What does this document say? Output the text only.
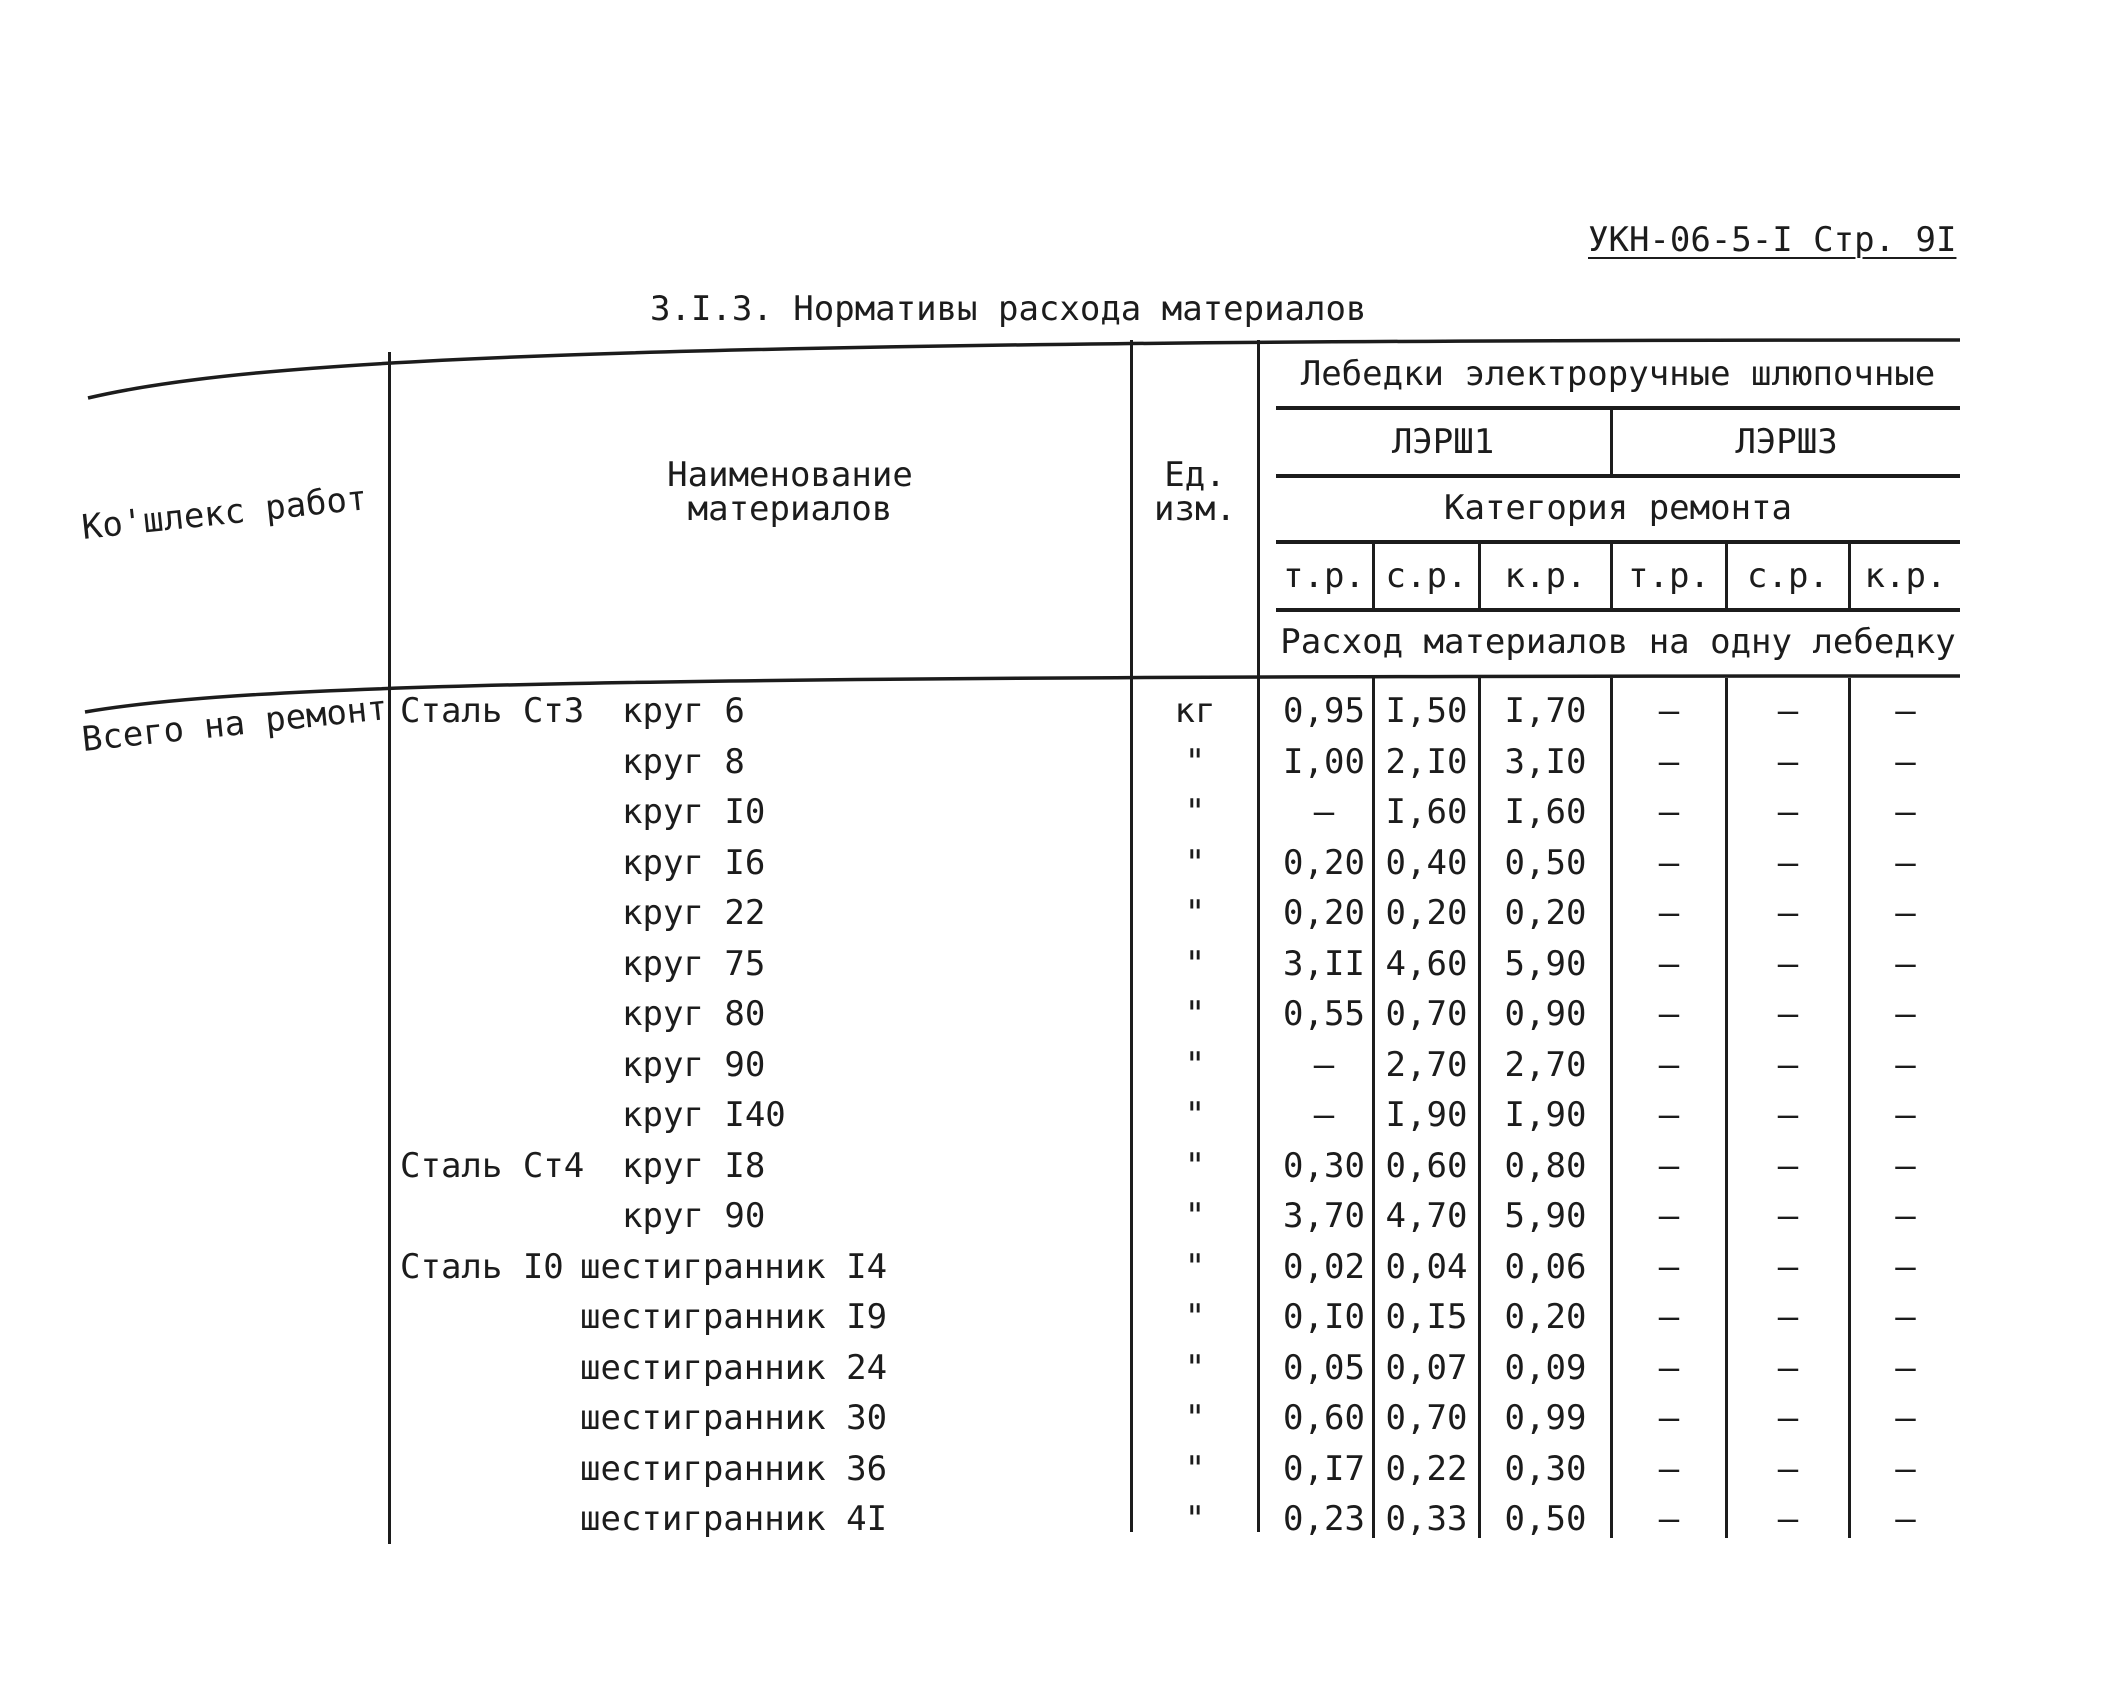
УКН-06-5-I Стр. 9I
3.I.3. Нормативы расхода материалов
Ко'шлекс работ
Наименование
материалов
Ед.
изм.
Лебедки электроручные шлюпочные
ЛЭРШ1	ЛЭРШ3
Категория ремонта
т.р. с.р.	к.р.	т.р.	с.р.	к.р.
Расход материалов на одну лебедку
Всего на ремонт Сталь Ст3 круг 6	кг	0,95 I,50	I,70	–	–	–
круг 8	"	I,00 2,I0	3,I0	–	–	–
круг I0	"	–	I,60	I,60	–	–	–
круг I6	"	0,20 0,40	0,50	–	–	–
круг 22	"	0,20 0,20	0,20	–	–	–
круг 75	"	3,II 4,60	5,90	–	–	–
круг 80	"	0,55 0,70	0,90	–	–	–
круг 90	"	–	2,70	2,70	–	–	–
круг I40	"	–	I,90	I,90	–	–	–
Сталь Ст4 круг I8	"	0,30 0,60	0,80	–	–	–
круг 90	"	3,70 4,70	5,90	–	–	–
Сталь I0 шестигранник I4	"	0,02 0,04	0,06	–	–	–
шестигранник I9	"	0,I0 0,I5	0,20	–	–	–
шестигранник 24	"	0,05 0,07	0,09	–	–	–
шестигранник 30	"	0,60 0,70	0,99	–	–	–
шестигранник 36	"	0,I7 0,22	0,30	–	–	–
шестигранник 4I	"	0,23 0,33	0,50	–	–	–
